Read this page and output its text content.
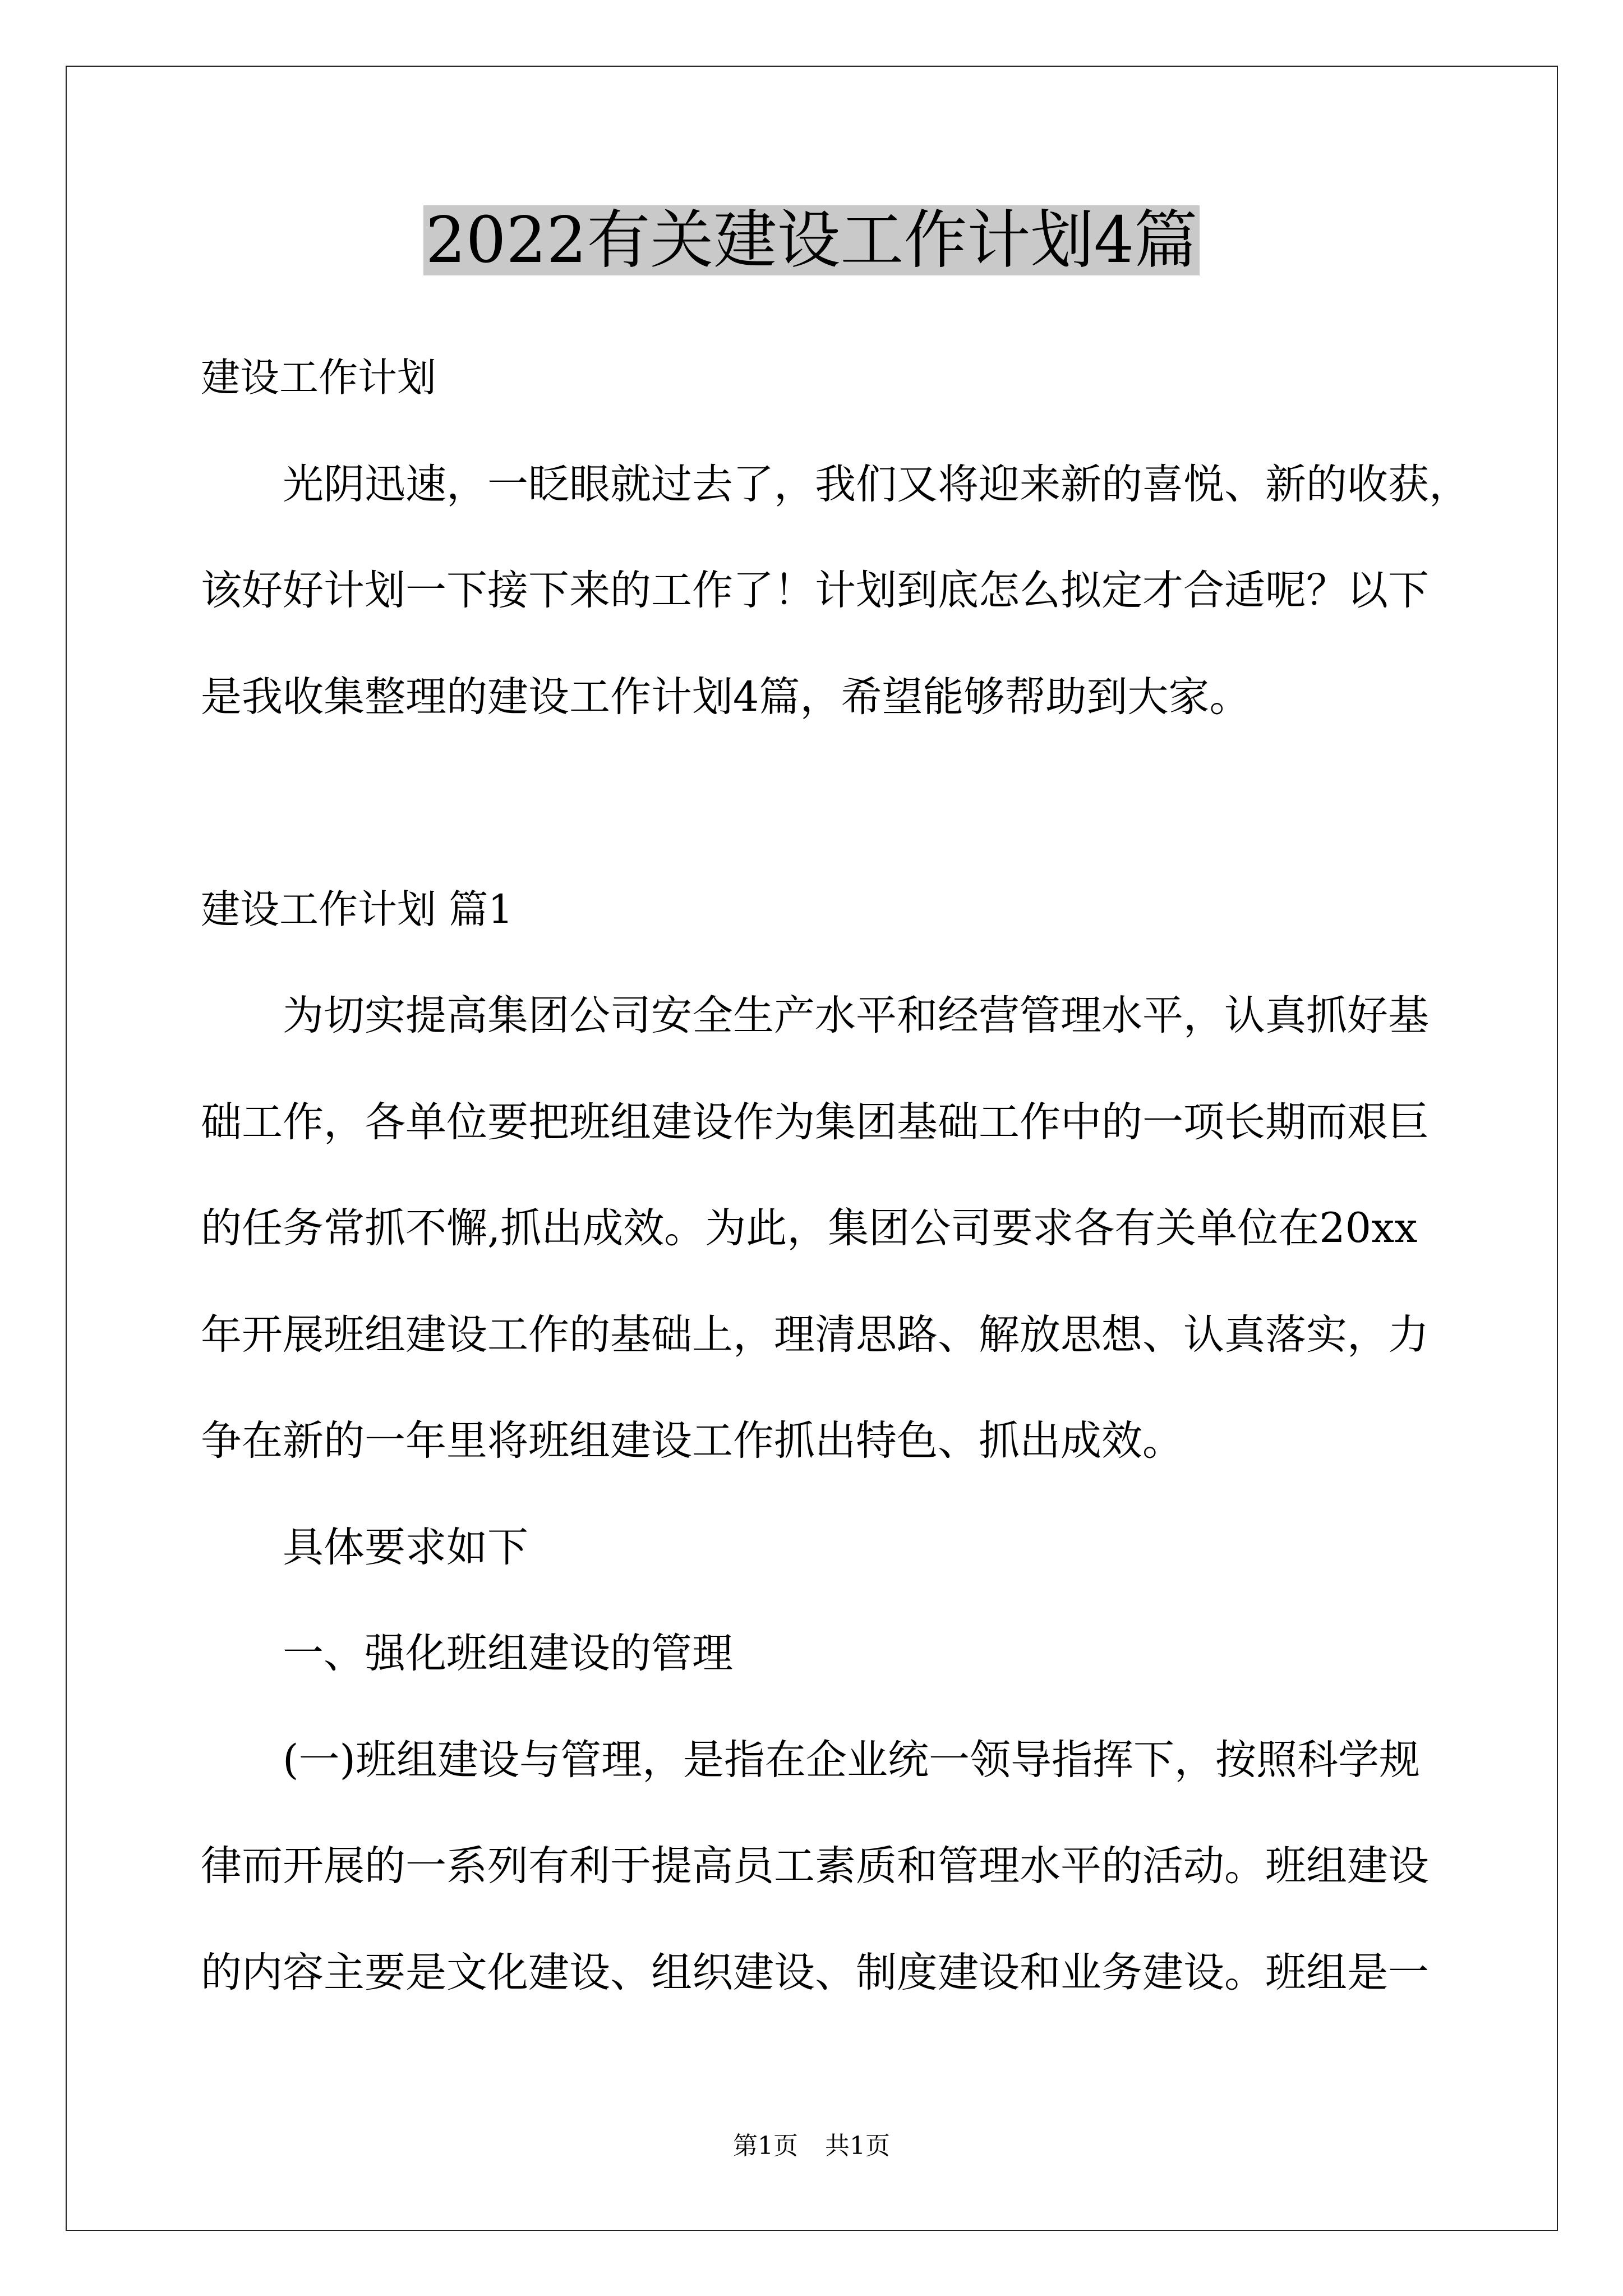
2022有关建设工作计划4篇
建设工作计划
光阴迅速，一眨眼就过去了，我们又将迎来新的喜悦、新的收获，
该好好计划一下接下来的工作了！计划到底怎么拟定才合适呢？以下
是我收集整理的建设工作计划4篇，希望能够帮助到大家。
建设工作计划 篇1
为切实提高集团公司安全生产水平和经营管理水平，认真抓好基
础工作，各单位要把班组建设作为集团基础工作中的一项长期而艰巨
的任务常抓不懈,抓出成效。为此，集团公司要求各有关单位在20xx
年开展班组建设工作的基础上，理清思路、解放思想、认真落实，力
争在新的一年里将班组建设工作抓出特色、抓出成效。
具体要求如下
一、强化班组建设的管理
(一)班组建设与管理，是指在企业统一领导指挥下，按照科学规
律而开展的一系列有利于提高员工素质和管理水平的活动。班组建设
的内容主要是文化建设、组织建设、制度建设和业务建设。班组是一
第1页 共1页
